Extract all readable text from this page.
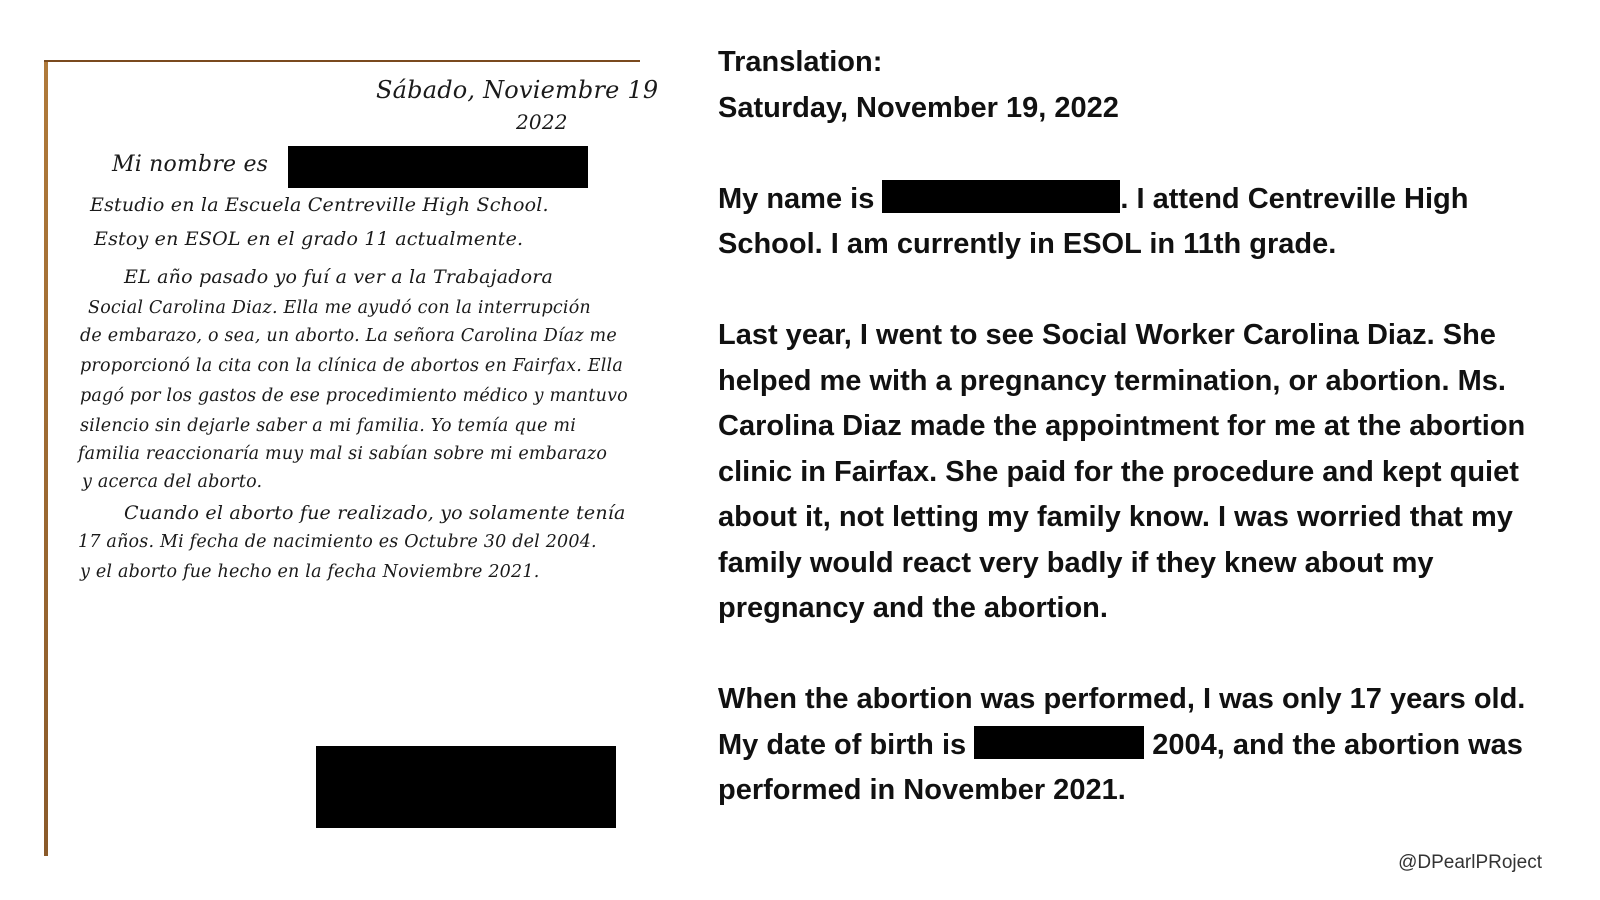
Sábado, Noviembre 19
2022
Mi nombre es
Estudio en la Escuela Centreville High School.
Estoy en ESOL en el grado 11 actualmente.
EL año pasado yo fuí a ver a la Trabajadora
Social Carolina Diaz. Ella me ayudó con la interrupción
de embarazo, o sea, un aborto. La señora Carolina Díaz me
proporcionó la cita con la clínica de abortos en Fairfax. Ella
pagó por los gastos de ese procedimiento médico y mantuvo
silencio sin dejarle saber a mi familia. Yo temía que mi
familia reaccionaría muy mal si sabían sobre mi embarazo
y acerca del aborto.
Cuando el aborto fue realizado, yo solamente tenía
17 años. Mi fecha de nacimiento es Octubre 30 del 2004.
y el aborto fue hecho en la fecha Noviembre 2021.

Translation:

Saturday, November 19, 2022

My name is	. I attend Centreville High School. I am currently in ESOL in 11th grade.

Last year, I went to see Social Worker Carolina Diaz. She helped me with a pregnancy termination, or abortion. Ms. Carolina Diaz made the appointment for me at the abortion clinic in Fairfax. She paid for the procedure and kept quiet about it, not letting my family know. I was worried that my family would react very badly if they knew about my pregnancy and the abortion.

When the abortion was performed, I was only 17 years old. My date of birth is	2004, and the abortion was performed in November 2021.

@DPearlPRoject
